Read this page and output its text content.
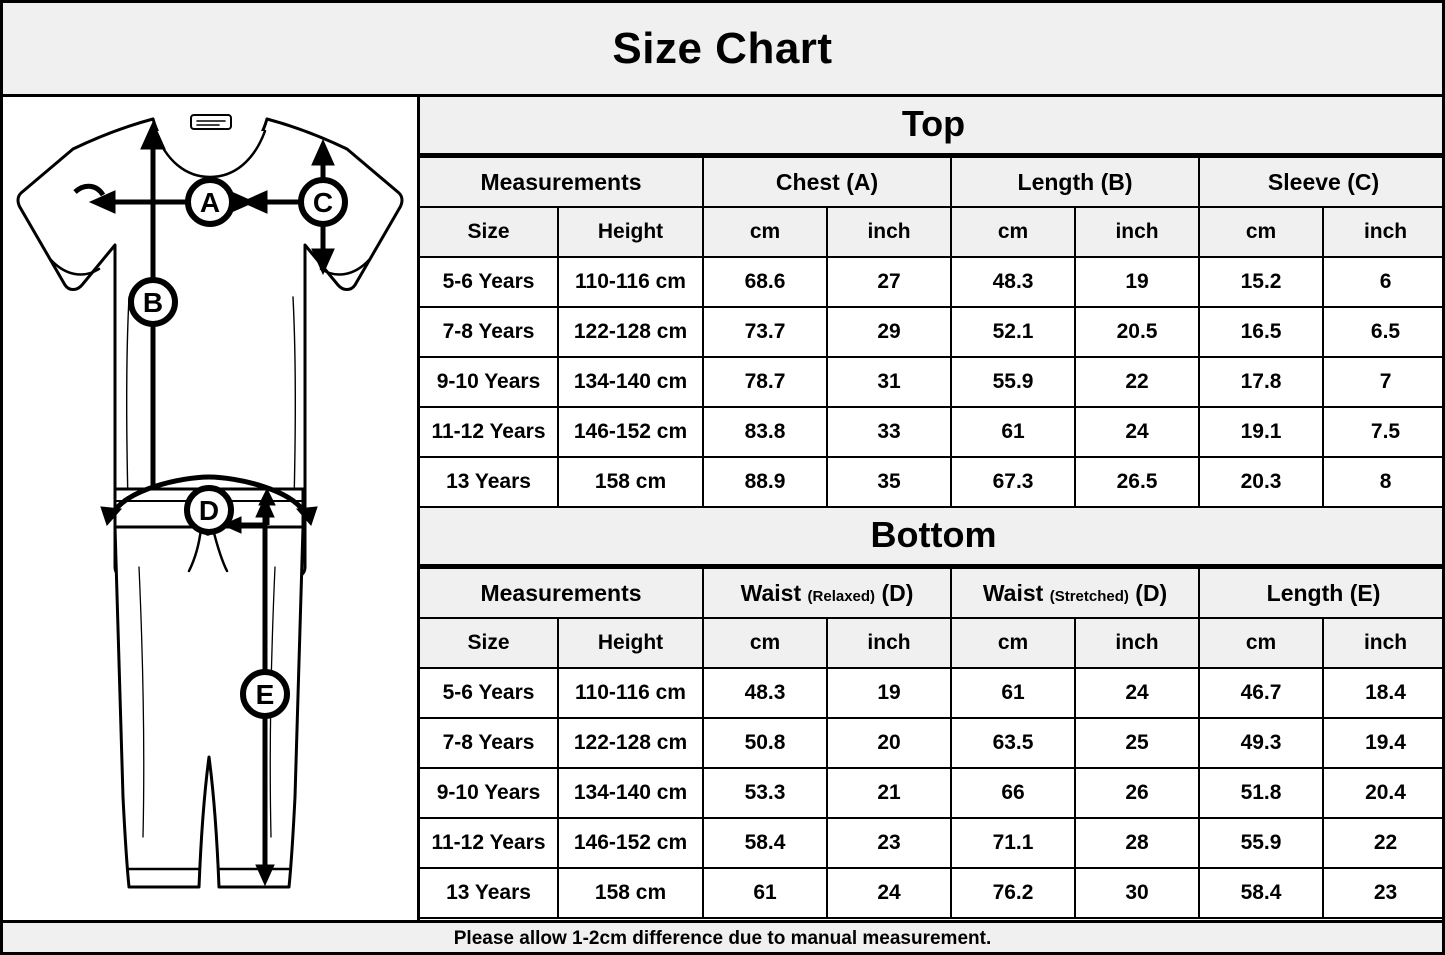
Size Chart
A
B
C
D
E
Top
Measurements		Chest (A)		Length (B)		Sleeve (C)	
Size	Height	cm	inch	cm	inch	cm	inch
5-6 Years	110-116 cm	68.6	27	48.3	19	15.2	6
7-8 Years	122-128 cm	73.7	29	52.1	20.5	16.5	6.5
9-10 Years	134-140 cm	78.7	31	55.9	22	17.8	7
11-12 Years	146-152 cm	83.8	33	61	24	19.1	7.5
13 Years	158 cm	88.9	35	67.3	26.5	20.3	8
Bottom
Measurements		Waist (Relaxed) (D)		Waist (Stretched) (D)		Length (E)	
Size	Height	cm	inch	cm	inch	cm	inch
5-6 Years	110-116 cm	48.3	19	61	24	46.7	18.4
7-8 Years	122-128 cm	50.8	20	63.5	25	49.3	19.4
9-10 Years	134-140 cm	53.3	21	66	26	51.8	20.4
11-12 Years	146-152 cm	58.4	23	71.1	28	55.9	22
13 Years	158 cm	61	24	76.2	30	58.4	23
Please allow 1-2cm difference due to manual measurement.
